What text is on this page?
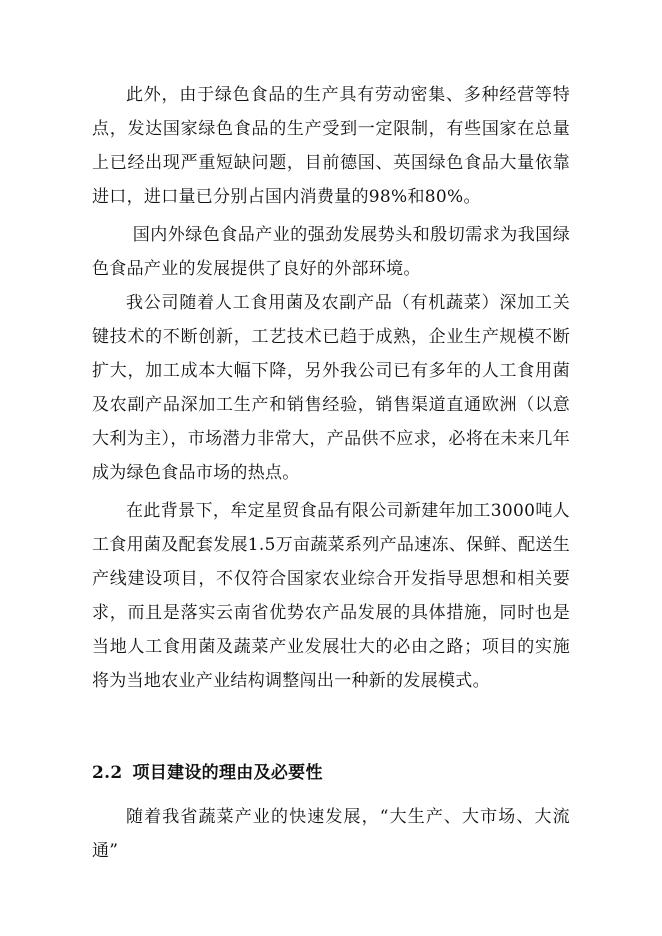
此外，由于绿色食品的生产具有劳动密集、多种经营等特点，发达国家绿色食品的生产受到一定限制，有些国家在总量上已经出现严重短缺问题，目前德国、英国绿色食品大量依靠进口，进口量已分别占国内消费量的98%和80%。

国内外绿色食品产业的强劲发展势头和殷切需求为我国绿色食品产业的发展提供了良好的外部环境。

我公司随着人工食用菌及农副产品（有机蔬菜）深加工关键技术的不断创新，工艺技术已趋于成熟，企业生产规模不断扩大，加工成本大幅下降，另外我公司已有多年的人工食用菌及农副产品深加工生产和销售经验，销售渠道直通欧洲（以意大利为主），市场潜力非常大，产品供不应求，必将在未来几年成为绿色食品市场的热点。

在此背景下，牟定星贸食品有限公司新建年加工3000吨人工食用菌及配套发展1.5万亩蔬菜系列产品速冻、保鲜、配送生产线建设项目，不仅符合国家农业综合开发指导思想和相关要求，而且是落实云南省优势农产品发展的具体措施，同时也是当地人工食用菌及蔬菜产业发展壮大的必由之路；项目的实施将为当地农业产业结构调整闯出一种新的发展模式。

2.2 项目建设的理由及必要性

随着我省蔬菜产业的快速发展，“大生产、大市场、大流通”
